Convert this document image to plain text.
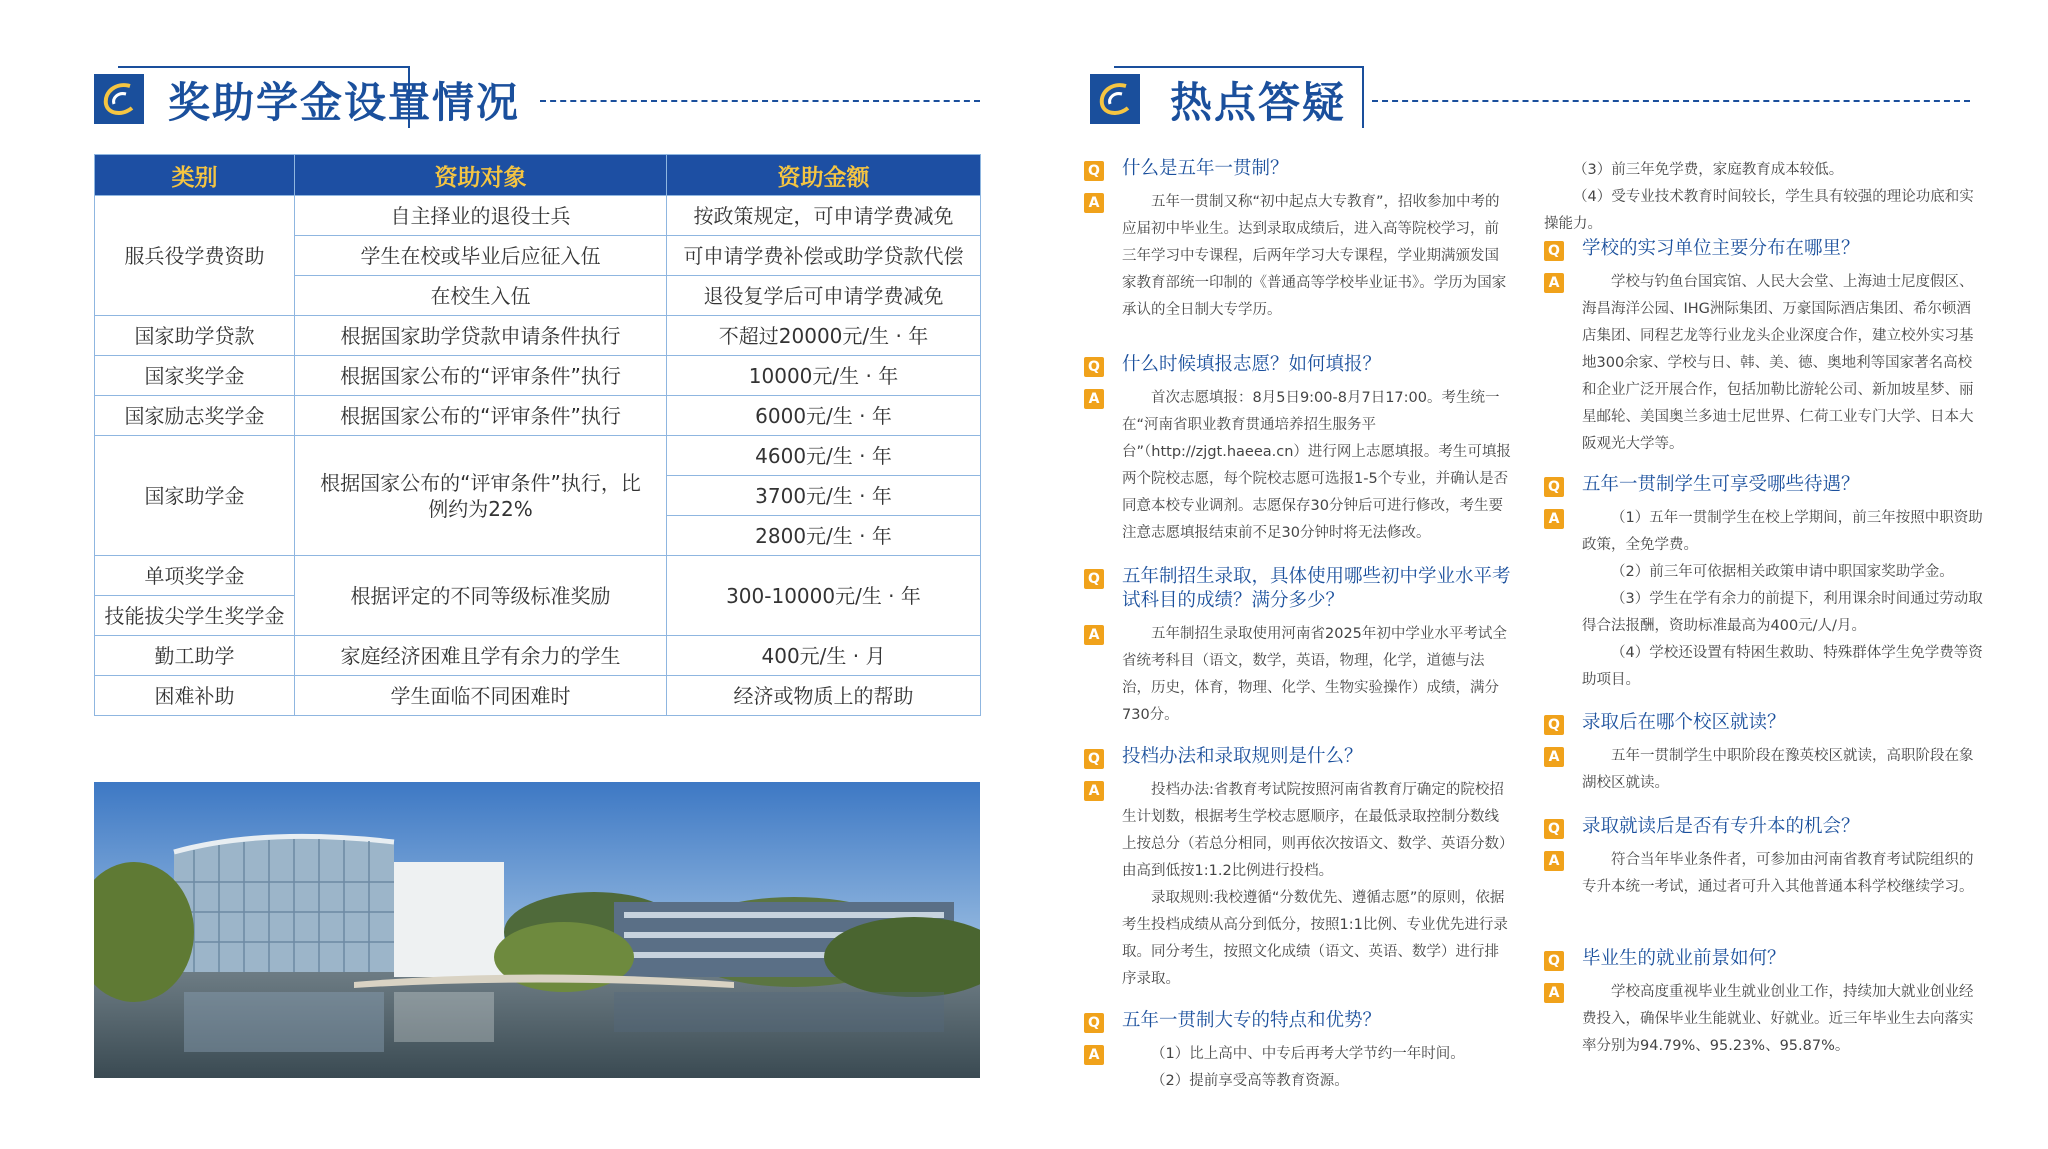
奖助学金设置情况	热点答疑
类别	资助对象	资助金额
服兵役学费资助	自主择业的退役士兵	按政策规定，可申请学费减免
	学生在校或毕业后应征入伍	可申请学费补偿或助学贷款代偿
	在校生入伍	退役复学后可申请学费减免
国家助学贷款	根据国家助学贷款申请条件执行	不超过20000元/生 · 年
国家奖学金	根据国家公布的“评审条件”执行	10000元/生 · 年
国家励志奖学金	根据国家公布的“评审条件”执行	6000元/生 · 年
国家助学金	根据国家公布的“评审条件”执行，比例约为22%	4600元/生 · 年
		3700元/生 · 年
		2800元/生 · 年
单项奖学金	根据评定的不同等级标准奖励	300-10000元/生 · 年
技能拔尖学生奖学金		
勤工助学	家庭经济困难且学有余力的学生	400元/生 · 月
困难补助	学生面临不同困难时	经济或物质上的帮助
Q 什么是五年一贯制？
A	五年一贯制又称“初中起点大专教育”，招收参加中考的应届初中毕业生。达到录取成绩后，进入高等院校学习，前三年学习中专课程，后两年学习大专课程，学业期满颁发国家教育部统一印制的《普通高等学校毕业证书》。学历为国家承认的全日制大专学历。

Q 什么时候填报志愿？如何填报？
A	首次志愿填报：8月5日9:00-8月7日17:00。考生统一在“河南省职业教育贯通培养招生服务平台”（http://zjgt.haeea.cn）进行网上志愿填报。考生可填报两个院校志愿，每个院校志愿可选报1-5个专业，并确认是否同意本校专业调剂。志愿保存30分钟后可进行修改，考生要注意志愿填报结束前不足30分钟时将无法修改。

Q 五年制招生录取，具体使用哪些初中学业水平考试科目的成绩？满分多少？
A	五年制招生录取使用河南省2025年初中学业水平考试全省统考科目（语文，数学，英语，物理，化学，道德与法治，历史，体育，物理、化学、生物实验操作）成绩，满分730分。

Q 投档办法和录取规则是什么？
A	投档办法:省教育考试院按照河南省教育厅确定的院校招生计划数，根据考生学校志愿顺序，在最低录取控制分数线上按总分（若总分相同，则再依次按语文、数学、英语分数）由高到低按1:1.2比例进行投档。

录取规则:我校遵循“分数优先、遵循志愿”的原则，依据考生投档成绩从高分到低分，按照1:1比例、专业优先进行录取。同分考生，按照文化成绩（语文、英语、数学）进行排序录取。

Q 五年一贯制大专的特点和优势？
A	（1）比上高中、中专后再考大学节约一年时间。

（2）提前享受高等教育资源。

（3）前三年免学费，家庭教育成本较低。

（4）受专业技术教育时间较长，学生具有较强的理论功底和实操能力。

Q 学校的实习单位主要分布在哪里？
A	学校与钓鱼台国宾馆、人民大会堂、上海迪士尼度假区、海昌海洋公园、IHG洲际集团、万豪国际酒店集团、希尔顿酒店集团、同程艺龙等行业龙头企业深度合作，建立校外实习基地300余家、学校与日、韩、美、德、奥地利等国家著名高校和企业广泛开展合作，包括加勒比游轮公司、新加坡星梦、丽星邮轮、美国奥兰多迪士尼世界、仁荷工业专门大学、日本大阪观光大学等。

Q 五年一贯制学生可享受哪些待遇？
A	（1）五年一贯制学生在校上学期间，前三年按照中职资助政策，全免学费。

（2）前三年可依据相关政策申请中职国家奖助学金。

（3）学生在学有余力的前提下，利用课余时间通过劳动取得合法报酬，资助标准最高为400元/人/月。

（4）学校还设置有特困生救助、特殊群体学生免学费等资助项目。

Q 录取后在哪个校区就读？
A	五年一贯制学生中职阶段在豫英校区就读，高职阶段在象湖校区就读。

Q 录取就读后是否有专升本的机会？
A	符合当年毕业条件者，可参加由河南省教育考试院组织的专升本统一考试，通过者可升入其他普通本科学校继续学习。

Q 毕业生的就业前景如何？
A	学校高度重视毕业生就业创业工作，持续加大就业创业经费投入，确保毕业生能就业、好就业。近三年毕业生去向落实率分别为94.79%、95.23%、95.87%。
